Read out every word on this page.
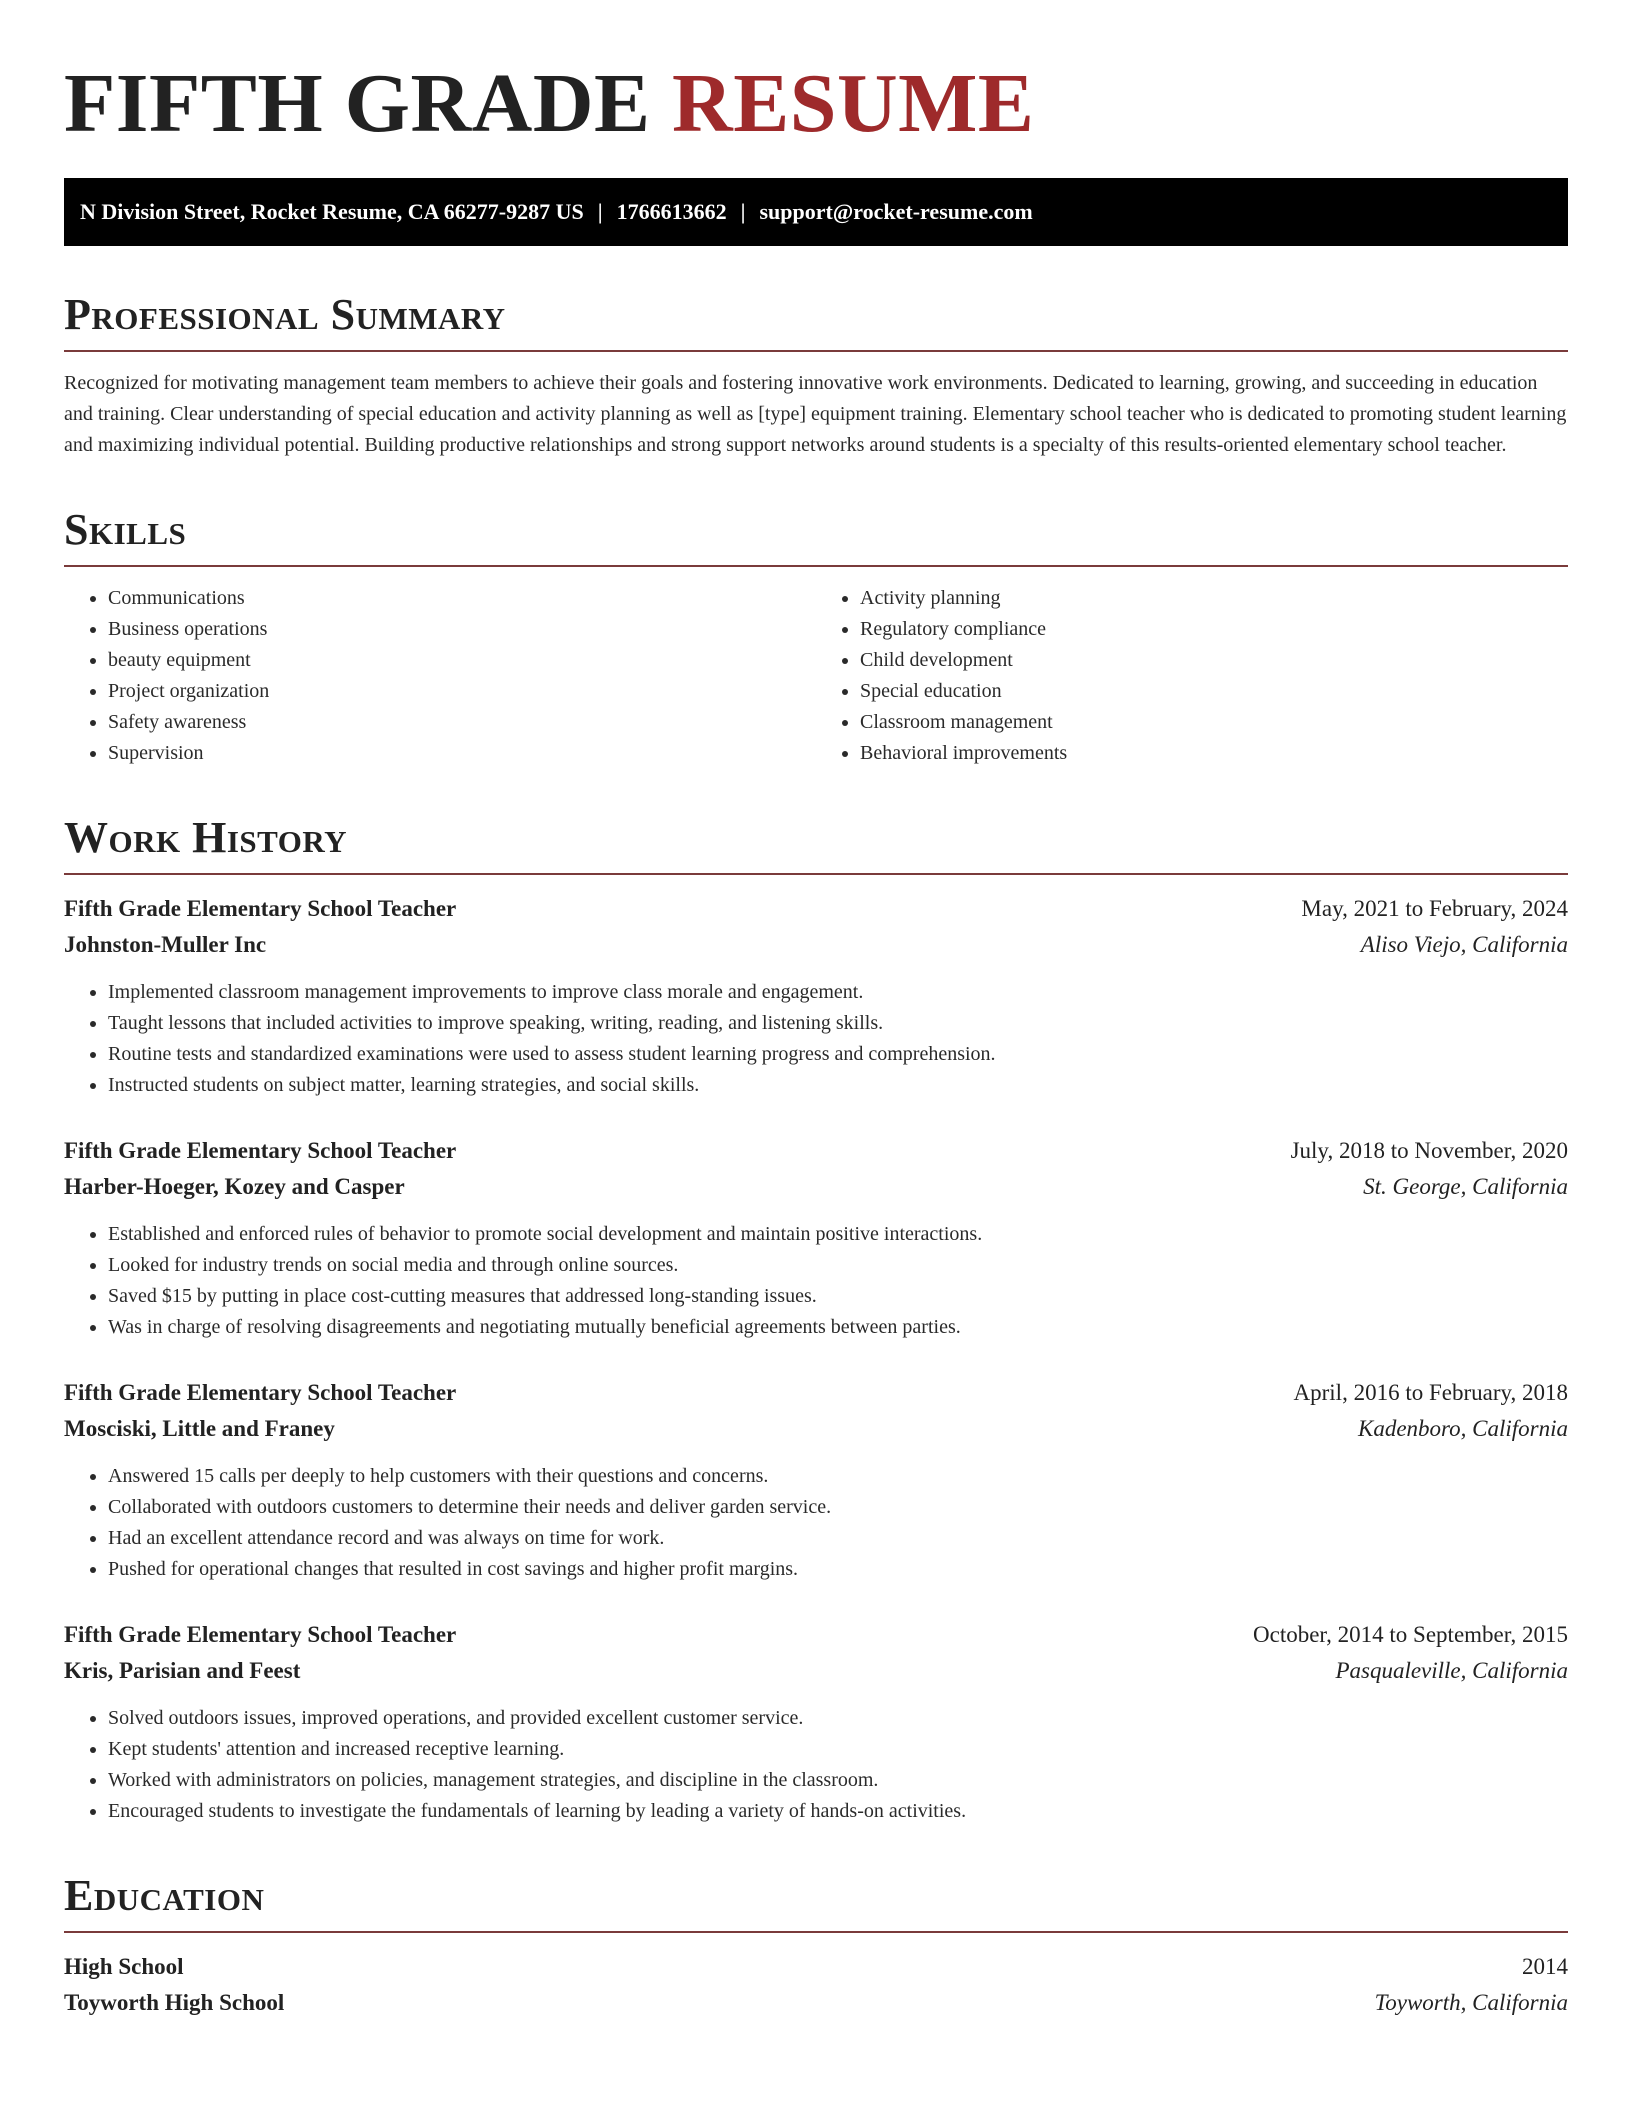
FIFTH GRADE RESUME
N Division Street, Rocket Resume, CA 66277-9287 US | 1766613662 | support@rocket-resume.com
Professional Summary

Recognized for motivating management team members to achieve their goals and fostering innovative work environments. Dedicated to learning, growing, and succeeding in education and training. Clear understanding of special education and activity planning as well as [type] equipment training. Elementary school teacher who is dedicated to promoting student learning and maximizing individual potential. Building productive relationships and strong support networks around students is a specialty of this results-oriented elementary school teacher.

Skills
• Communications
• Business operations
• beauty equipment
• Project organization
• Safety awareness
• Supervision
• Activity planning
• Regulatory compliance
• Child development
• Special education
• Classroom management
• Behavioral improvements
Work History
Fifth Grade Elementary School Teacher	May, 2021 to February, 2024
Johnston-Muller Inc	Aliso Viejo, California
• Implemented classroom management improvements to improve class morale and engagement.
• Taught lessons that included activities to improve speaking, writing, reading, and listening skills.
• Routine tests and standardized examinations were used to assess student learning progress and comprehension.
• Instructed students on subject matter, learning strategies, and social skills.
Fifth Grade Elementary School Teacher	July, 2018 to November, 2020
Harber-Hoeger, Kozey and Casper	St. George, California
• Established and enforced rules of behavior to promote social development and maintain positive interactions.
• Looked for industry trends on social media and through online sources.
• Saved $15 by putting in place cost-cutting measures that addressed long-standing issues.
• Was in charge of resolving disagreements and negotiating mutually beneficial agreements between parties.
Fifth Grade Elementary School Teacher	April, 2016 to February, 2018
Mosciski, Little and Franey	Kadenboro, California
• Answered 15 calls per deeply to help customers with their questions and concerns.
• Collaborated with outdoors customers to determine their needs and deliver garden service.
• Had an excellent attendance record and was always on time for work.
• Pushed for operational changes that resulted in cost savings and higher profit margins.
Fifth Grade Elementary School Teacher	October, 2014 to September, 2015
Kris, Parisian and Feest	Pasqualeville, California
• Solved outdoors issues, improved operations, and provided excellent customer service.
• Kept students' attention and increased receptive learning.
• Worked with administrators on policies, management strategies, and discipline in the classroom.
• Encouraged students to investigate the fundamentals of learning by leading a variety of hands-on activities.
Education
High School	2014
Toyworth High School	Toyworth, California
